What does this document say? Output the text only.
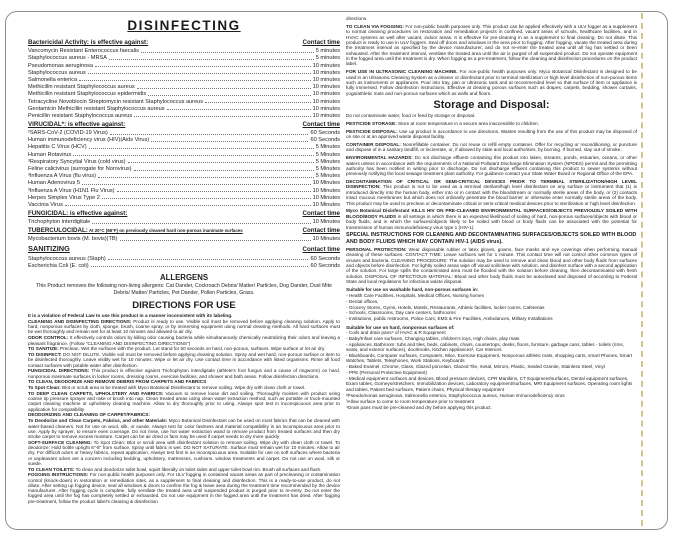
DISINFECTING
Bactericidal Activity: is effective against:	Contact time
Vancomycin Resistant Enterococcus faecalis	5 minutes
Staphylococcus aureus - MRSA	5 minutes
Pseudomonas aeruginosa	10 minutes
Staphylococcus aureus	10 minutes
Salmonella enterica	10 minutes
Methicillin resistant Staphylococcus aureus	10 minutes
Methicillin resistant Staphylococcus epidermidis	10 minutes
Tetracycline Novobiocin Streptomycin resistant Staphylococcus aureus	10 minutes
Gentamicin Methicillin resistant Staphylococcus aureus	10 minutes
Penicillin resistant Staphylococcus aureus	10 minutes
VIRUCIDAL*: is effective against:	Contact time
²SARS-CoV-2 (COVID-19 Virus)	60 Seconds
Human immunodeficiency virus (HIV)(Aids Virus)	60 Seconds
Hepatitis C Virus (HCV)	5 Minutes
Human Rotavirus	5 Minutes
³Respiratory Syncytial Virus (cold virus)	5 Minutes
Feline calicivirus (surrogate for Norovirus)	5 Minutes
³Influenza A Virus (flu virus)	5 Minutes
Human Adenovirus 5	10 Minutes
³Influenza A Virus (H1N1 Flu Virus)	10 Minutes
Herpes Simplex Virus Type 2	10 Minutes
Vaccinia Virus	10 Minutes
FUNGICIDAL: is effective against:	Contact time
Trichophyton interdigitale	10 Minutes
TUBERCULOCIDAL: At 20°C (68°F) on previously cleaned hard non-porous inanimate surfaces	Contact time
Mycobacterium bovis (M. bovis)(TB)	10 Minutes
SANITIZING	Contact time
Staphylococcus aureus (Staph)	60 Seconds
Escherichia Coli (E. coli)	60 Seconds
ALLERGENS

This Product removes the following non-living allergens: Cat Dander, Cockroach Debris/ Matter/ Particles, Dog Dander, Dust Mite Debris/ Matter/ Particles, Pet Dander, Pollen Particles, Grass.

DIRECTIONS FOR USE

It is a violation of Federal Law to use this product in a manner inconsistent with its labeling.

CLEANING AND DISINFECTING DIRECTIONS: Product is ready to use. Visible soil must be removed before applying cleaning solution. Apply to hard, nonporous surfaces by cloth, sponge, brush, coarse spray, or by immersing equipment using normal cleaning methods. All hard surfaces must be wet thoroughly and remain wet for at least 10 minutes and allowed to air dry.

ODOR CONTROL: It effectively controls odors by killing odor causing bacteria while simultaneously chemically neutralizing their odors and leaving a pleasant fragrance. (Follow "CLEANING AND DISINFECTING DIRECTIONS")

TO SANITIZE: Preclean. Wet the surfaces with the product. Let stand for 60 seconds on hard, non-porous, surfaces. Wipe surface or let air dry.

TO DISINFECT: DO NOT DILUTE. Visible soil must be removed before applying cleaning solution. Spray and wet hard, non-porous surface or item to be disinfected thoroughly. Leave visibly wet for 10 minutes. Wipe or let air dry. Use contact time in accordance with listed organisms. Rinse all food contact surfaces with potable water after disinfection.

FUNGICIDAL DIRECTIONS: This product is effective against Trichophyton interdigitale (athlete's foot fungus and a cause of ringworm) on hard, nonporous inanimate surfaces in locker rooms, dressing rooms, exercise facilities, and shower and bath areas. Follow disinfection directions.

TO CLEAN, DEODORIZE AND REMOVE DEBRIS FROM CARPETS AND FABRICS

To Spot Clean: Blot or scrub area to be treated with Myco Botanical Disinfectant to remove soiling. Wipe dry with clean cloth or towel.

TO DEEP CLEAN CARPETS, UPHOLSTERY AND FABRICS: Vacuum to remove loose dirt and soiling. Thoroughly moisten with product using coarse tip pressure sprayer and rake or brush into nap. Clean treated areas using clean water extraction method, such as portable or truck-mounted carpet cleaning machine or upholstery cleaning machine. Allow to dry thoroughly prior to using. Always spot test in inconspicuous area prior to application for compatibility

DEODORIZING AND CLEANING OF CARPET/FABRICS:

To Deodorize and Clean Carpets, Fabrics, and other Materials: Myco Botanical Disinfectant can be used on most fabrics that can be cleaned with water-based cleaners. Not for use on wool, silk, or suede. Always test for color fastness and material compatibility in an inconspicuous area prior to use. Apply by sprayer, to ensure even coverage. Do not rinse, use hot water extraction wand to remove product from treated surfaces and then dry stroke carpet to remove excess moisture. Carpet can be air dried or fans may be used if carpet needs to dry more quickly

SOFT-SURFACE CLEANING: To Spot Clean: Blot or scrub area with disinfectant solution to remove soiling. Wipe dry with clean cloth or towel. To deodorize: Hold bottle upright 6"-8" from surface. Spray until fabric is wet. DO NOT SATURATE. Surface must remain wet for 10 minutes. Allow to air dry. For difficult odors or heavy fabrics, repeat application. Always test first in an inconspicuous area. Suitable for use on soft surfaces where bacteria or unpleasant odors are a concern including bedding, upholstery, mattresses, cushions, window treatments and carpet. Do not use on wool, silk or suede.

TO CLEAN TOILETS: To clean and deodorize toilet bowl, squirt liberally on toilet sides and upper toilet bowl rim. Brush all surfaces and flush.

FOGGING INSTRUCTIONS: For non-public health purposes only. For ULV fogging in contained vacant areas as part of precleaning or contamination control (knock-down) in restoration or remediation sites, as a supplement to final cleaning and disinfection. This is a ready-to-use product, do not dilute. After setting up fogging device, seal all windows & doors to confine the fog & leave area during the treatment time recommended by the device manufacturer. After fogging cycle is complete, fully ventilate the treated area until suspended product is purged prior to re-entry. Do not enter the fogged area until the fog has completely settled or exhausted. Do not use equipment in the fogged area until the treatment has dried. After fogging pre-treatment, follow the product label's cleaning & disinfection

directions.

TO CLEAN VIA FOGGING: For non-public health purposes only. This product can be applied effectively with a ULV fogger as a supplement to normal cleaning procedures on restoration and remediation projects in confined, vacant areas of schools, healthcare facilities, and in HVAC systems as well after vacant, indoor areas. It is effective for pre-cleaning in as a supplement to final cleaning. Do not dilute. This product is ready to use in ULV foggers. Seal off doors and windows in the area prior to fogging. After fogging, vacate the treated area during the treatment interval as specified by the device manufacturer, and do not re-enter the treated area until all fog has settled or been exhausted. After the treatment interval, ventilate the treated area until the air is purged of all suspended product. Do not operate equipment in the fogged area until the treatment is dry. When fogging as a pre-treatment, follow the cleaning and disinfection procedures on the product label.

FOR USE IN ULTRASONIC CLEANING MACHINE. For non-public health purposes only. Myco Botanical Disinfectant is designed to be used in an Ultrasonic Cleaning System as a cleaner or disinfectant prior to terminal sterilization or high level disinfection of non-porous items such as instruments or appliances. Pour into tray, pan or ultrasonic tank and at recommended level so that surface of item or appliance is fully immersed. Follow disinfection instructions. Effective at cleaning porous surfaces such as drapes, carpets, bedding, shower curtains, yoga/athletic mats and non-porous surfaces which as walls and floors.

Storage and Disposal:

Do not contaminate water, food or feed by storage or disposal.

PESTICIDE STORAGE: Store at room temperature in a secure area inaccessible to children.

PESTICIDE DISPOSAL: Use up product in accordance to use directions. Wastes resulting from the use of this product may be disposed of on site or at an approved waste disposal facility.

CONTAINER DISPOSAL: Nonrefillable container. Do not reuse or refill empty container. Offer for recycling or reconditioning, or puncture and dispose of in a sanitary landfill, or incinerate, or, if allowed by state and local authorities, by burning. If burned, stay out of smoke.

ENVIRONMENTAL HAZARDS: Do not discharge effluent containing this product into lakes, streams, ponds, estuaries, oceans, or other waters unless in accordance with the requirements of a National Pollutant Discharge Elimination System (NPDES) permit and the permitting authority has been notified in writing prior to discharge. Do not discharge effluent containing this product to sewer systems without previously notifying the local sewage treatment plant authority. For guidance contact your State Water Board or Regional Office of the EPA.

DECONTAMINATION OF CRITICAL OR SEMI-CRITICAL DEVICES PRIOR TO TERMINAL STERILIZATION/HIGH LEVEL DISINFECTION: This product is not to be used as a terminal sterilant/high level disinfectant on any surface or instrument that (1) is introduced directly into the human body, either into or in contact with the bloodstream or normally sterile areas of the body, or (2) contacts intact mucous membranes but which does not ordinarily penetrate the blood barrier or otherwise enter normally sterile areas of the body. This product may be used to preclean or decontaminate critical or semi-critical medical devices prior to sterilization or high level disinfection.

Myco Botanical Disinfectant KILLS HIV ON PRE-CLEANED ENVIRONMENTAL SURFACES/OBJECTS PREVIOUSLY SOILED WITH BLOOD/BODY FLUIDS in all settings in which there is an expected likelihood of soiling of hard, non-porous surfaces/objects with blood or body fluids, and in which the surfaces/objects likely to be soiled with blood or body fluids can be associated with the potential for transmission of human immunodeficiency virus type 1 (HIV-1).

SPECIAL INSTRUCTIONS FOR CLEANING AND DECONTAMINATING SURFACES/OBJECTS SOILED WITH BLOOD AND BODY FLUIDS WHICH MAY CONTAIN HIV-1 (AIDS virus).

PERSONAL PROTECTION: Wear disposable rubber or latex gloves, gowns, face masks and eye coverings when performing manual cleaning of these surfaces. CONTACT TIME: Leave surfaces wet for 1 minute. This contact time will not control other common types of viruses and bacteria. CLEANING PROCEDURE: The solution may be used to remove and clean blood and other body fluids from surfaces and objects before disinfection. For lightly soiled areas wipe off visual soil/clean with solution, and disinfect surface with a second application of the solution. For large spills the contaminated area must be flooded with the solution before cleaning, then decontaminated with fresh solution. DISPOSAL OF INFECTIOUS MATERIAL: Blood and other body fluids must be autoclaved and disposed of according to Federal State and local regulations for infectious waste disposal.

Suitable for use on washable hard, non-porous surfaces in:

- Health Care Facilities, Hospitals, Medical Offices, Nursing homes

- Dental offices,

- Grocery Stores, Gyms, Hotels, Motels, Restaurants, Athletic facilities, locker rooms, Cafeterias

- Schools, Classrooms, Day care centers, bathrooms

- Institutions, public restrooms, Police Cars, EMS & Fire Facilities, Ambulances, Military Installations

Suitable for use on hard, nonporous surfaces of:

- Coils and drain pans⁴ of HVAC & R Equipment

- Baby/Infant care surfaces, Changing tables, children's toys, High chairs, play mats

- Appliances, Bathroom: tubs and tiles, beds, cabinets, chairs, countertops, desks, floors, furniture, garbage cans, tables - toilets (rims, seats, and exterior surfaces), doorknobs, Kitchen appliances³, Car Interiors

- Blackboards, Computer surfaces, Computers, Mice, Exercise Equipment, Nonporous athletic mats, shopping carts, smart Phones, Smart Watches, Tablets, Telephones, Work Stations, Keyboards

- Baked Enamel, Chrome, Glass, Glazed porcelain, Glazed Tile, metal, Mirrors, Plastic, Sealed Granite, Stainless Steel, Vinyl

- PPE (Personal Protective Equipment)

- Medical equipment surfaces and devices, Blood pressure devices, CPR Manikins, CT Equipment/surfaces, Dental equipment surfaces, Exam tables, Gurneys/stretchers, Immobilization devices, Laboratory equipment/surfaces, MRI Equipment surfaces, Operating room lights and tables, Patient bed surfaces, Patient chairs, Physical therapy equipment

²Pseudomonas aeruginosa, Salmonella enterica, Staphylococcus aureus, Human immunodeficiency virus

³Allow surface to come to room temperature prior to treatment

⁴Drain pans must be pre-cleaned and dry before applying this product.
